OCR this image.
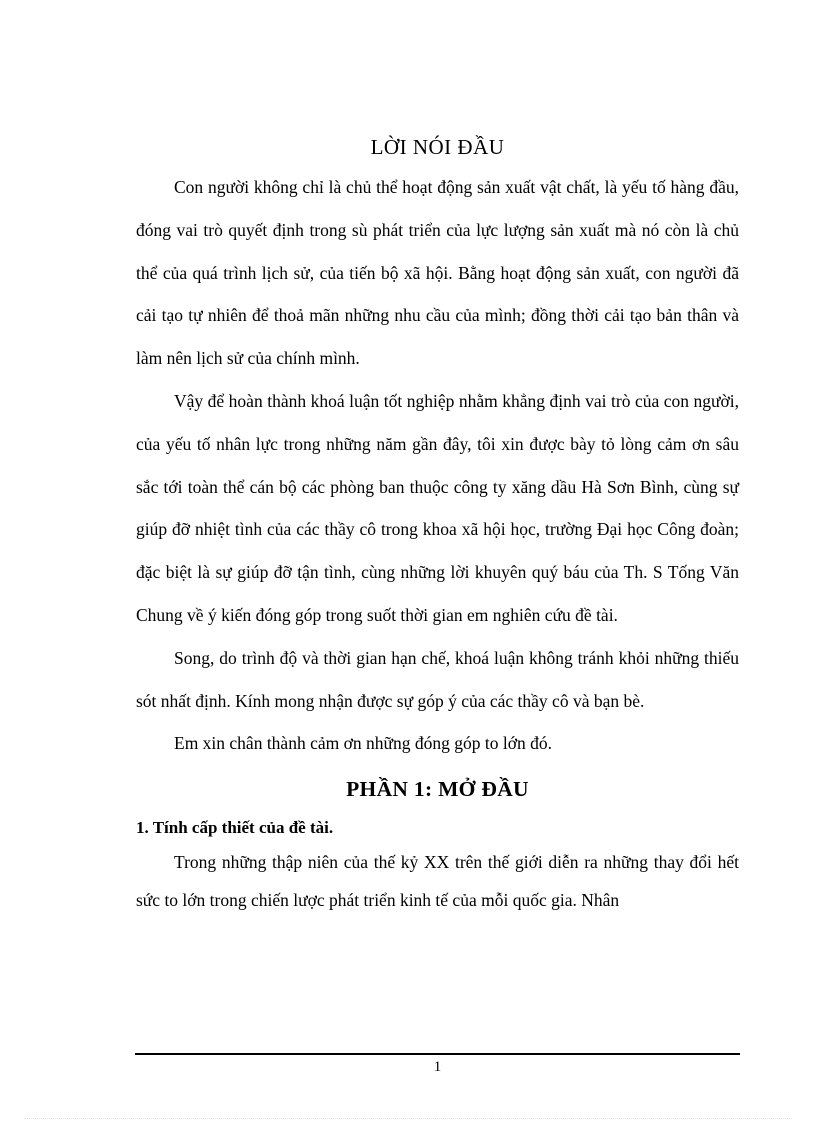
LỜI NÓI ĐẦU

Con người không chỉ là chủ thể hoạt động sản xuất vật chất, là yếu tố hàng đầu, đóng vai trò quyết định trong sù phát triển của lực lượng sản xuất mà nó còn là chủ thể của quá trình lịch sử, của tiến bộ xã hội. Bằng hoạt động sản xuất, con người đã cải tạo tự nhiên để thoả mãn những nhu cầu của mình; đồng thời cải tạo bản thân và làm nên lịch sử của chính mình.

Vậy để hoàn thành khoá luận tốt nghiệp nhằm khẳng định vai trò của con người, của yếu tố nhân lực trong những năm gần đây, tôi xin được bày tỏ lòng cảm ơn sâu sắc tới toàn thể cán bộ các phòng ban thuộc công ty xăng dầu Hà Sơn Bình, cùng sự giúp đỡ nhiệt tình của các thầy cô trong khoa xã hội học, trường Đại học Công đoàn; đặc biệt là sự giúp đỡ tận tình, cùng những lời khuyên quý báu của Th. S Tống Văn Chung về ý kiến đóng góp trong suốt thời gian em nghiên cứu đề tài.

Song, do trình độ và thời gian hạn chế, khoá luận không tránh khỏi những thiếu sót nhất định. Kính mong nhận được sự góp ý của các thầy cô và bạn bè.

Em xin chân thành cảm ơn những đóng góp to lớn đó.

PHẦN 1: MỞ ĐẦU
1. Tính cấp thiết của đề tài.

Trong những thập niên của thế kỷ XX trên thế giới diễn ra những thay đổi hết sức to lớn trong chiến lược phát triển kinh tế của mỗi quốc gia. Nhân

1
